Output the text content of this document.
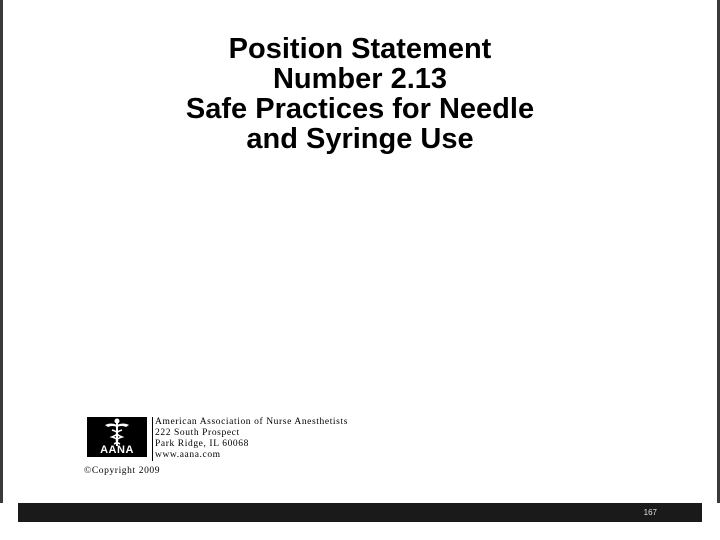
Position Statement
Number 2.13
Safe Practices for Needle
and Syringe Use
AANA
American Association of Nurse Anesthetists
222 South Prospect
Park Ridge, IL 60068
www.aana.com
©Copyright 2009
167
